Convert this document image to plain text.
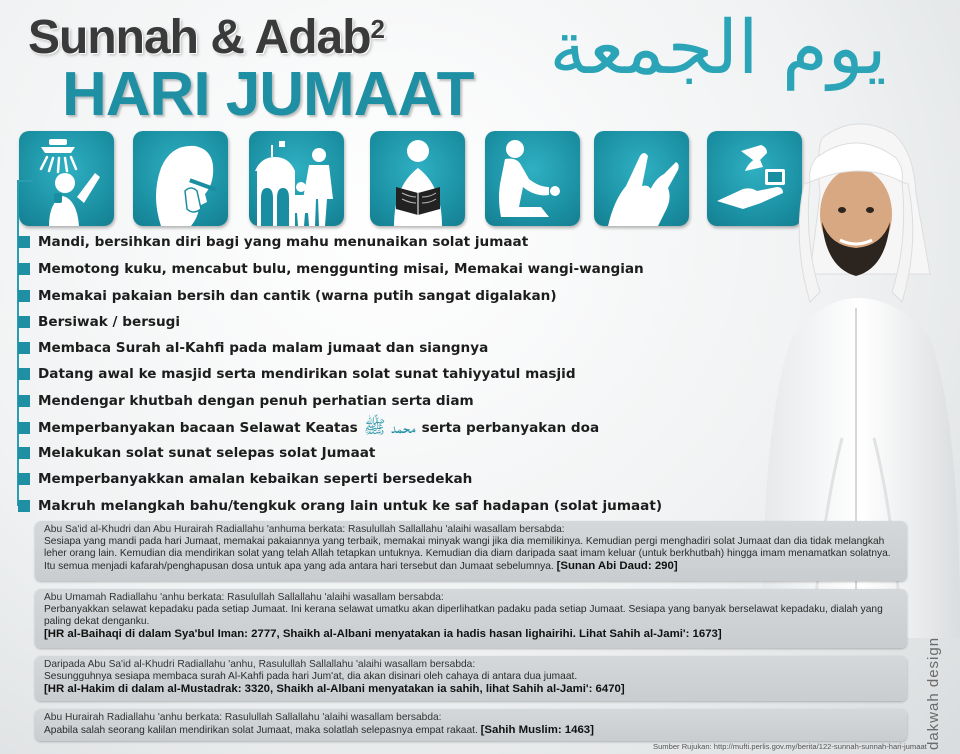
Sunnah & Adab$^2$
HARI JUMAAT
يوم الجمعة
Mandi, bersihkan diri bagi yang mahu menunaikan solat jumaat
Memotong kuku, mencabut bulu, menggunting misai, Memakai wangi-wangian
Memakai pakaian bersih dan cantik (warna putih sangat digalakan)
Bersiwak / bersugi
Membaca Surah al-Kahfi pada malam jumaat dan siangnya
Datang awal ke masjid serta mendirikan solat sunat tahiyyatul masjid
Mendengar khutbah dengan penuh perhatian serta diam
Memperbanyakan bacaan Selawat Keatas محمد ﷺ serta perbanyakan doa
Melakukan solat sunat selepas solat Jumaat
Memperbanyakkan amalan kebaikan seperti bersedekah
Makruh melangkah bahu/tengkuk orang lain untuk ke saf hadapan (solat jumaat)
Abu Sa'id al-Khudri dan Abu Hurairah Radiallahu 'anhuma berkata: Rasulullah Sallallahu 'alaihi wasallam bersabda:
Sesiapa yang mandi pada hari Jumaat, memakai pakaiannya yang terbaik, memakai minyak wangi jika dia memilikinya. Kemudian pergi menghadiri solat Jumaat dan dia tidak melangkah leher orang lain. Kemudian dia mendirikan solat yang telah Allah tetapkan untuknya. Kemudian dia diam daripada saat imam keluar (untuk berkhutbah) hingga imam menamatkan solatnya. Itu semua menjadi kafarah/penghapusan dosa untuk apa yang ada antara hari tersebut dan Jumaat sebelumnya. [Sunan Abi Daud: 290]
Abu Umamah Radiallahu 'anhu berkata: Rasulullah Sallallahu 'alaihi wasallam bersabda:
Perbanyakkan selawat kepadaku pada setiap Jumaat. Ini kerana selawat umatku akan diperlihatkan padaku pada setiap Jumaat. Sesiapa yang banyak berselawat kepadaku, dialah yang paling dekat denganku.
[HR al-Baihaqi di dalam Sya'bul Iman: 2777, Shaikh al-Albani menyatakan ia hadis hasan lighairihi. Lihat Sahih al-Jami': 1673]
Daripada Abu Sa'id al-Khudri Radiallahu 'anhu, Rasulullah Sallallahu 'alaihi wasallam bersabda:
Sesungguhnya sesiapa membaca surah Al-Kahfi pada hari Jum'at, dia akan disinari oleh cahaya di antara dua jumaat.
[HR al-Hakim di dalam al-Mustadrak: 3320, Shaikh al-Albani menyatakan ia sahih, lihat Sahih al-Jami': 6470]
Abu Hurairah Radiallahu 'anhu berkata: Rasulullah Sallallahu 'alaihi wasallam bersabda:
Apabila salah seorang kalilan mendirikan solat Jumaat, maka solatlah selepasnya empat rakaat. [Sahih Muslim: 1463]	dakwah design
Sumber Rujukan: http://mufti.perlis.gov.my/berita/122-sunnah-sunnah-hari-jumaat
